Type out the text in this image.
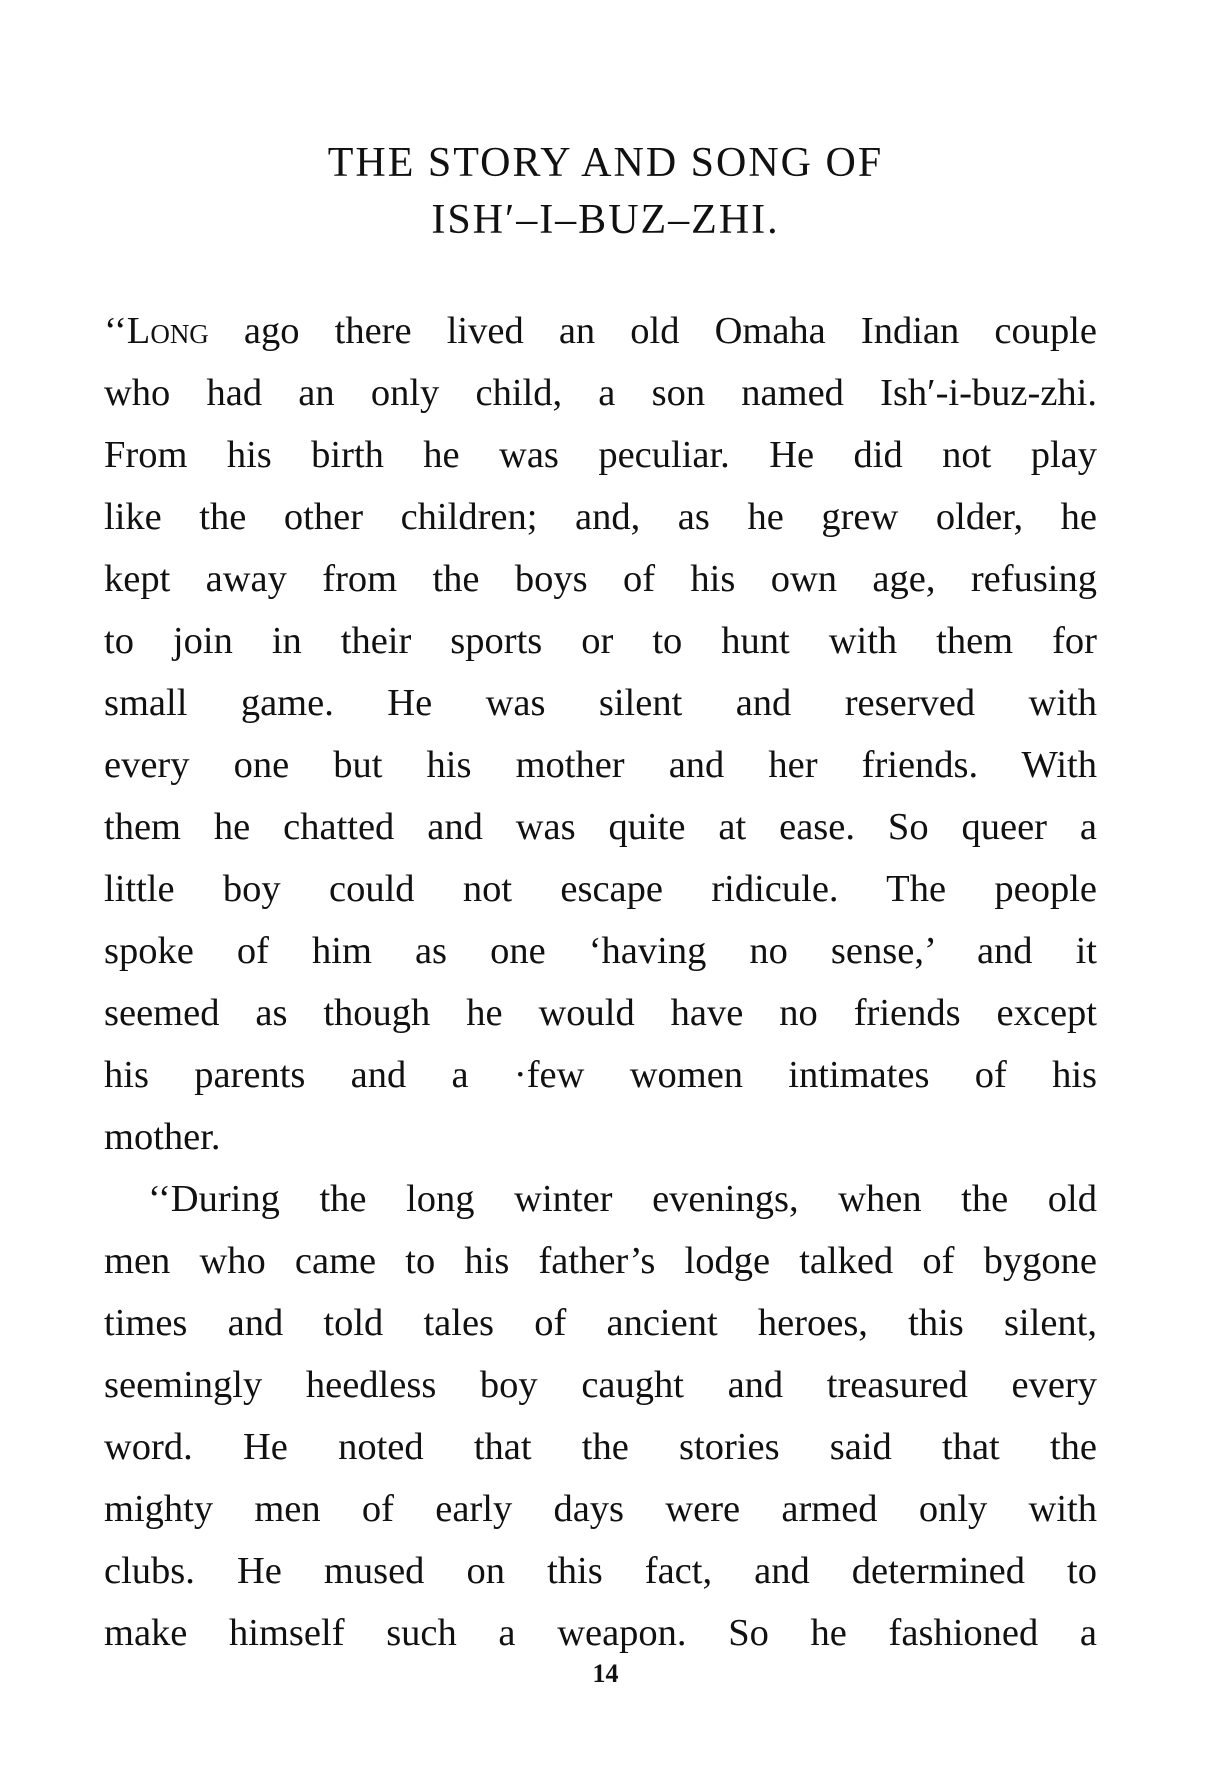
THE STORY AND SONG OF
ISH′–I–BUZ–ZHI.
‘‘Long ago there lived an old Omaha Indian couple
who had an only child, a son named Ish′-i-buz-zhi.
From his birth he was peculiar. He did not play
like the other children; and, as he grew older, he
kept away from the boys of his own age, refusing
to join in their sports or to hunt with them for
small game. He was silent and reserved with
every one but his mother and her friends. With
them he chatted and was quite at ease. So queer a
little boy could not escape ridicule. The people
spoke of him as one ‘having no sense,’ and it
seemed as though he would have no friends except
his parents and a ·few women intimates of his
mother.
‘‘During the long winter evenings, when the old
men who came to his father’s lodge talked of bygone
times and told tales of ancient heroes, this silent,
seemingly heedless boy caught and treasured every
word. He noted that the stories said that the
mighty men of early days were armed only with
clubs. He mused on this fact, and determined to
make himself such a weapon. So he fashioned a
14
